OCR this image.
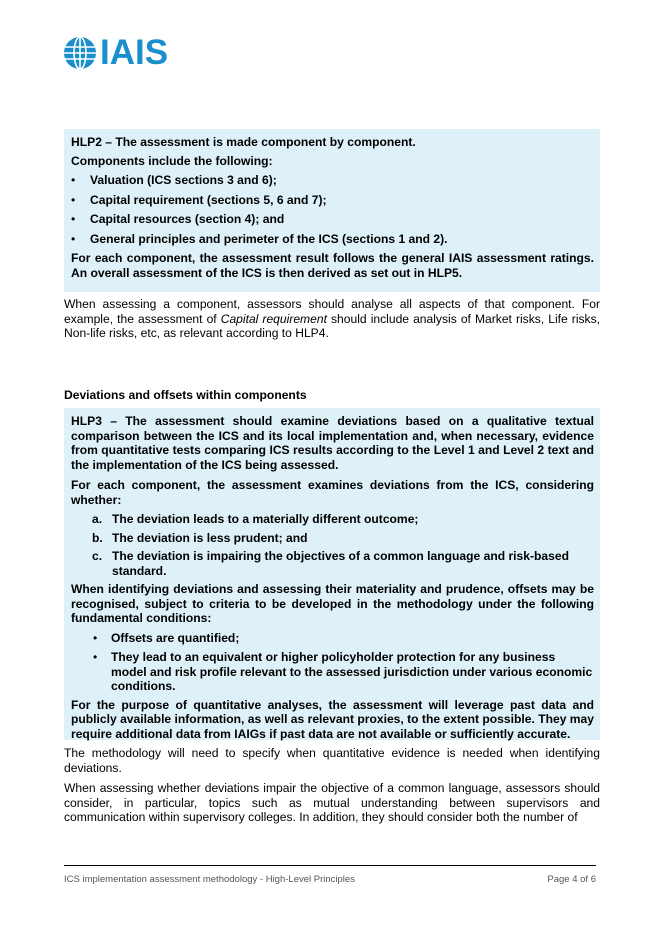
IAIS

HLP2 – The assessment is made component by component.

Components include the following:

• Valuation (ICS sections 3 and 6);
• Capital requirement (sections 5, 6 and 7);
• Capital resources (section 4); and
• General principles and perimeter of the ICS (sections 1 and 2).

For each component, the assessment result follows the general IAIS assessment ratings. An overall assessment of the ICS is then derived as set out in HLP5.

When assessing a component, assessors should analyse all aspects of that component. For example, the assessment of Capital requirement should include analysis of Market risks, Life risks, Non-life risks, etc, as relevant according to HLP4.

Deviations and offsets within components

HLP3 – The assessment should examine deviations based on a qualitative textual comparison between the ICS and its local implementation and, when necessary, evidence from quantitative tests comparing ICS results according to the Level 1 and Level 2 text and the implementation of the ICS being assessed.

For each component, the assessment examines deviations from the ICS, considering whether:

a. The deviation leads to a materially different outcome;
b. The deviation is less prudent; and
c. The deviation is impairing the objectives of a common language and risk-based standard.

When identifying deviations and assessing their materiality and prudence, offsets may be recognised, subject to criteria to be developed in the methodology under the following fundamental conditions:

• Offsets are quantified;
• They lead to an equivalent or higher policyholder protection for any business model and risk profile relevant to the assessed jurisdiction under various economic conditions.

For the purpose of quantitative analyses, the assessment will leverage past data and publicly available information, as well as relevant proxies, to the extent possible. They may require additional data from IAIGs if past data are not available or sufficiently accurate.

The methodology will need to specify when quantitative evidence is needed when identifying deviations.

When assessing whether deviations impair the objective of a common language, assessors should consider, in particular, topics such as mutual understanding between supervisors and communication within supervisory colleges. In addition, they should consider both the number of

ICS implementation assessment methodology - High-Level Principles	Page 4 of 6
